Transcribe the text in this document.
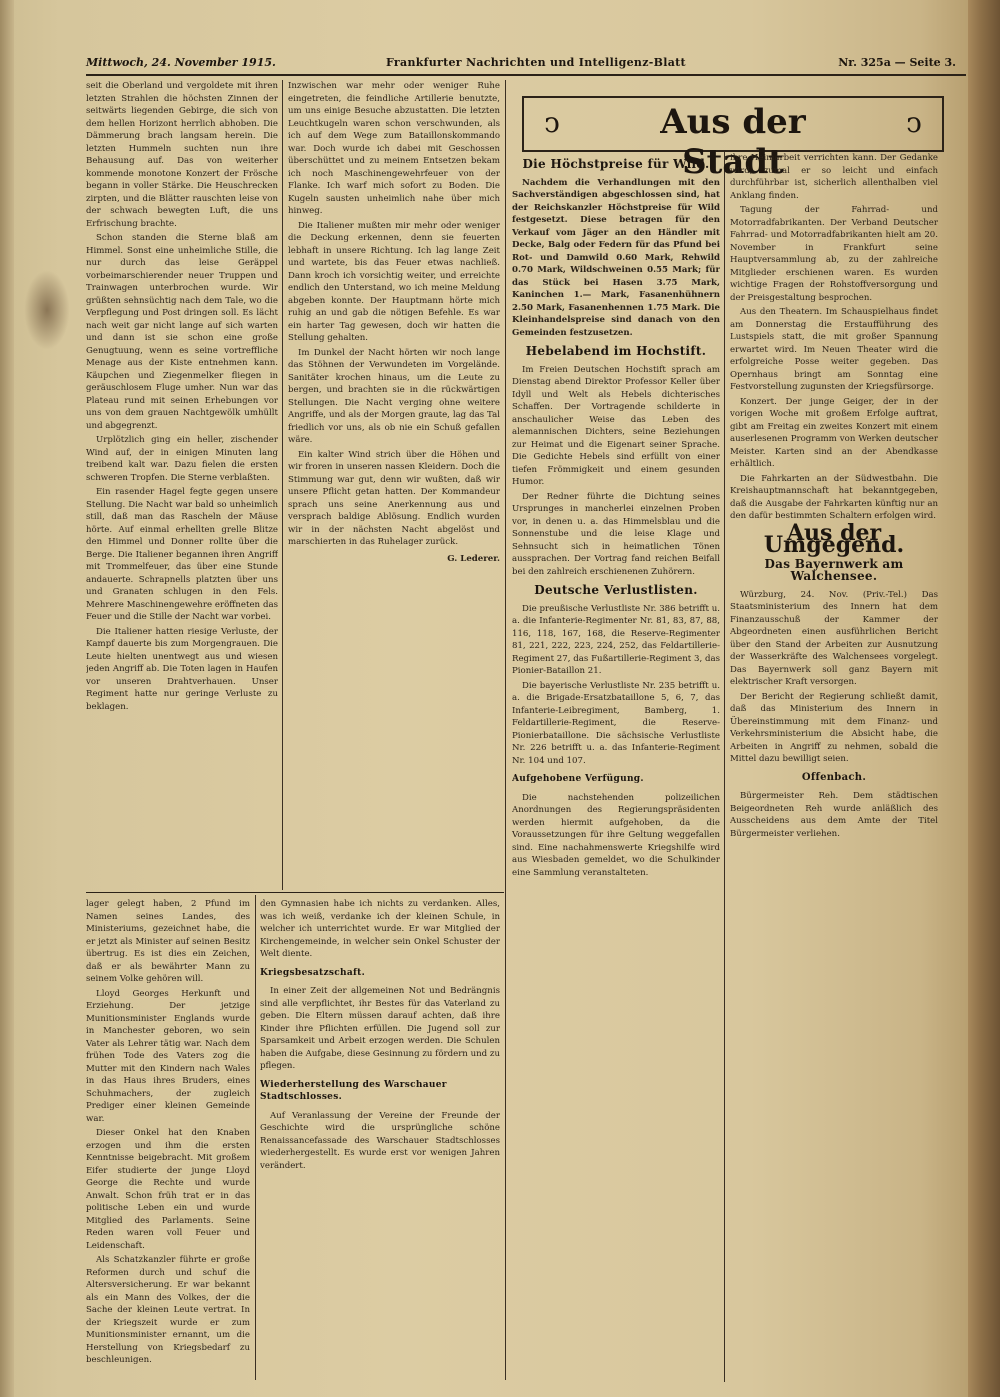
Mittwoch, 24. November 1915.	Frankfurter Nachrichten und Intelligenz-Blatt	Nr. 325a — Seite 3.

seit die Oberland und vergoldete mit ihren letzten Strahlen die höchsten Zinnen der seitwärts liegenden Gebirge, die sich von dem hellen Horizont herrlich abhoben. Die Dämmerung brach langsam herein. Die letzten Hummeln suchten nun ihre Behausung auf. Das von weiterher kommende monotone Konzert der Frösche begann in voller Stärke. Die Heuschrecken zirpten, und die Blätter rauschten leise von der schwach bewegten Luft, die uns Erfrischung brachte.

Schon standen die Sterne blaß am Himmel. Sonst eine unheimliche Stille, die nur durch das leise Geräppel vorbeimarschierender neuer Truppen und Trainwagen unterbrochen wurde. Wir grüßten sehnsüchtig nach dem Tale, wo die Verpflegung und Post dringen soll. Es lächt nach weit gar nicht lange auf sich warten und dann ist sie schon eine große Genugtuung, wenn es seine vortreffliche Menage aus der Kiste entnehmen kann. Käupchen und Ziegenmelker fliegen in geräuschlosem Fluge umher. Nun war das Plateau rund mit seinen Erhebungen vor uns von dem grauen Nachtgewölk umhüllt und abgegrenzt.

Urplötzlich ging ein heller, zischender Wind auf, der in einigen Minuten lang treibend kalt war. Dazu fielen die ersten schweren Tropfen. Die Sterne verblaßten.

Ein rasender Hagel fegte gegen unsere Stellung. Die Nacht war bald so unheimlich still, daß man das Rascheln der Mäuse hörte. Auf einmal erhellten grelle Blitze den Himmel und Donner rollte über die Berge. Die Italiener begannen ihren Angriff mit Trommelfeuer, das über eine Stunde andauerte. Schrapnells platzten über uns und Granaten schlugen in den Fels. Mehrere Maschinengewehre eröffneten das Feuer und die Stille der Nacht war vorbei.

Die Italiener hatten riesige Verluste, der Kampf dauerte bis zum Morgengrauen. Die Leute hielten unentwegt aus und wiesen jeden Angriff ab. Die Toten lagen in Haufen vor unseren Drahtverhauen. Unser Regiment hatte nur geringe Verluste zu beklagen.

Inzwischen war mehr oder weniger Ruhe eingetreten, die feindliche Artillerie benutzte, um uns einige Besuche abzustatten. Die letzten Leuchtkugeln waren schon verschwunden, als ich auf dem Wege zum Bataillonskommando war. Doch wurde ich dabei mit Geschossen überschüttet und zu meinem Entsetzen bekam ich noch Maschinengewehrfeuer von der Flanke. Ich warf mich sofort zu Boden. Die Kugeln sausten unheimlich nahe über mich hinweg.

Die Italiener mußten mir mehr oder weniger die Deckung erkennen, denn sie feuerten lebhaft in unsere Richtung. Ich lag lange Zeit und wartete, bis das Feuer etwas nachließ. Dann kroch ich vorsichtig weiter, und erreichte endlich den Unterstand, wo ich meine Meldung abgeben konnte. Der Hauptmann hörte mich ruhig an und gab die nötigen Befehle. Es war ein harter Tag gewesen, doch wir hatten die Stellung gehalten.

Im Dunkel der Nacht hörten wir noch lange das Stöhnen der Verwundeten im Vorgelände. Sanitäter krochen hinaus, um die Leute zu bergen, und brachten sie in die rückwärtigen Stellungen. Die Nacht verging ohne weitere Angriffe, und als der Morgen graute, lag das Tal friedlich vor uns, als ob nie ein Schuß gefallen wäre.

Ein kalter Wind strich über die Höhen und wir froren in unseren nassen Kleidern. Doch die Stimmung war gut, denn wir wußten, daß wir unsere Pflicht getan hatten. Der Kommandeur sprach uns seine Anerkennung aus und versprach baldige Ablösung. Endlich wurden wir in der nächsten Nacht abgelöst und marschierten in das Ruhelager zurück.

G. Lederer.

lager gelegt haben, 2 Pfund im Namen seines Landes, des Ministeriums, gezeichnet habe, die er jetzt als Minister auf seinen Besitz übertrug. Es ist dies ein Zeichen, daß er als bewährter Mann zu seinem Volke gehören will.

Lloyd Georges Herkunft und Erziehung. Der jetzige Munitionsminister Englands wurde in Manchester geboren, wo sein Vater als Lehrer tätig war. Nach dem frühen Tode des Vaters zog die Mutter mit den Kindern nach Wales in das Haus ihres Bruders, eines Schuhmachers, der zugleich Prediger einer kleinen Gemeinde war.

Dieser Onkel hat den Knaben erzogen und ihm die ersten Kenntnisse beigebracht. Mit großem Eifer studierte der junge Lloyd George die Rechte und wurde Anwalt. Schon früh trat er in das politische Leben ein und wurde Mitglied des Parlaments. Seine Reden waren voll Feuer und Leidenschaft.

Als Schatzkanzler führte er große Reformen durch und schuf die Altersversicherung. Er war bekannt als ein Mann des Volkes, der die Sache der kleinen Leute vertrat. In der Kriegszeit wurde er zum Munitionsminister ernannt, um die Herstellung von Kriegsbedarf zu beschleunigen.

den Gymnasien habe ich nichts zu verdanken. Alles, was ich weiß, verdanke ich der kleinen Schule, in welcher ich unterrichtet wurde. Er war Mitglied der Kirchengemeinde, in welcher sein Onkel Schuster der Welt diente.

Kriegsbesatzschaft.

In einer Zeit der allgemeinen Not und Bedrängnis sind alle verpflichtet, ihr Bestes für das Vaterland zu geben. Die Eltern müssen darauf achten, daß ihre Kinder ihre Pflichten erfüllen. Die Jugend soll zur Sparsamkeit und Arbeit erzogen werden. Die Schulen haben die Aufgabe, diese Gesinnung zu fördern und zu pflegen.

Wiederherstellung des Warschauer Stadtschlosses.

Auf Veranlassung der Vereine der Freunde der Geschichte wird die ursprüngliche schöne Renaissancefassade des Warschauer Stadtschlosses wiederhergestellt. Es wurde erst vor wenigen Jahren verändert.

ↄ	Aus der Stadt
ↄ
Die Höchstpreise für Wild.

Nachdem die Verhandlungen mit den Sachverständigen abgeschlossen sind, hat der Reichskanzler Höchstpreise für Wild festgesetzt. Diese betragen für den Verkauf vom Jäger an den Händler mit Decke, Balg oder Federn für das Pfund bei Rot- und Damwild 0.60 Mark, Rehwild 0.70 Mark, Wildschweinen 0.55 Mark; für das Stück bei Hasen 3.75 Mark, Kaninchen 1.— Mark, Fasanenhühnern 2.50 Mark, Fasanenhennen 1.75 Mark. Die Kleinhandelspreise sind danach von den Gemeinden festzusetzen.

Hebelabend im Hochstift.

Im Freien Deutschen Hochstift sprach am Dienstag abend Direktor Professor Keller über Idyll und Welt als Hebels dichterisches Schaffen. Der Vortragende schilderte in anschaulicher Weise das Leben des alemannischen Dichters, seine Beziehungen zur Heimat und die Eigenart seiner Sprache. Die Gedichte Hebels sind erfüllt von einer tiefen Frömmigkeit und einem gesunden Humor.

Der Redner führte die Dichtung seines Ursprunges in mancherlei einzelnen Proben vor, in denen u. a. das Himmelsblau und die Sonnenstube und die leise Klage und Sehnsucht sich in heimatlichen Tönen aussprachen. Der Vortrag fand reichen Beifall bei den zahlreich erschienenen Zuhörern.

Deutsche Verlustlisten.

Die preußische Verlustliste Nr. 386 betrifft u. a. die Infanterie-Regimenter Nr. 81, 83, 87, 88, 116, 118, 167, 168, die Reserve-Regimenter 81, 221, 222, 223, 224, 252, das Feldartillerie-Regiment 27, das Fußartillerie-Regiment 3, das Pionier-Bataillon 21.

Die bayerische Verlustliste Nr. 235 betrifft u. a. die Brigade-Ersatzbataillone 5, 6, 7, das Infanterie-Leibregiment, Bamberg, 1. Feldartillerie-Regiment, die Reserve-Pionierbataillone. Die sächsische Verlustliste Nr. 226 betrifft u. a. das Infanterie-Regiment Nr. 104 und 107.

Aufgehobene Verfügung.

Die nachstehenden polizeilichen Anordnungen des Regierungspräsidenten werden hiermit aufgehoben, da die Voraussetzungen für ihre Geltung weggefallen sind. Eine nachahmenswerte Kriegshilfe wird aus Wiesbaden gemeldet, wo die Schulkinder eine Sammlung veranstalteten.

ihre Heimarbeit verrichten kann. Der Gedanke wird, zumal er so leicht und einfach durchführbar ist, sicherlich allenthalben viel Anklang finden.

Tagung der Fahrrad- und Motorradfabrikanten. Der Verband Deutscher Fahrrad- und Motorradfabrikanten hielt am 20. November in Frankfurt seine Hauptversammlung ab, zu der zahlreiche Mitglieder erschienen waren. Es wurden wichtige Fragen der Rohstoffversorgung und der Preisgestaltung besprochen.

Aus den Theatern. Im Schauspielhaus findet am Donnerstag die Erstaufführung des Lustspiels statt, die mit großer Spannung erwartet wird. Im Neuen Theater wird die erfolgreiche Posse weiter gegeben. Das Opernhaus bringt am Sonntag eine Festvorstellung zugunsten der Kriegsfürsorge.

Konzert. Der junge Geiger, der in der vorigen Woche mit großem Erfolge auftrat, gibt am Freitag ein zweites Konzert mit einem auserlesenen Programm von Werken deutscher Meister. Karten sind an der Abendkasse erhältlich.

Die Fahrkarten an der Südwestbahn. Die Kreishauptmannschaft hat bekanntgegeben, daß die Ausgabe der Fahrkarten künftig nur an den dafür bestimmten Schaltern erfolgen wird.

Aus der Umgegend.
Das Bayernwerk am Walchensee.

Würzburg, 24. Nov. (Priv.-Tel.) Das Staatsministerium des Innern hat dem Finanzausschuß der Kammer der Abgeordneten einen ausführlichen Bericht über den Stand der Arbeiten zur Ausnutzung der Wasserkräfte des Walchensees vorgelegt. Das Bayernwerk soll ganz Bayern mit elektrischer Kraft versorgen.

Der Bericht der Regierung schließt damit, daß das Ministerium des Innern in Übereinstimmung mit dem Finanz- und Verkehrsministerium die Absicht habe, die Arbeiten in Angriff zu nehmen, sobald die Mittel dazu bewilligt seien.

Offenbach.

Bürgermeister Reh. Dem städtischen Beigeordneten Reh wurde anläßlich des Ausscheidens aus dem Amte der Titel Bürgermeister verliehen.
